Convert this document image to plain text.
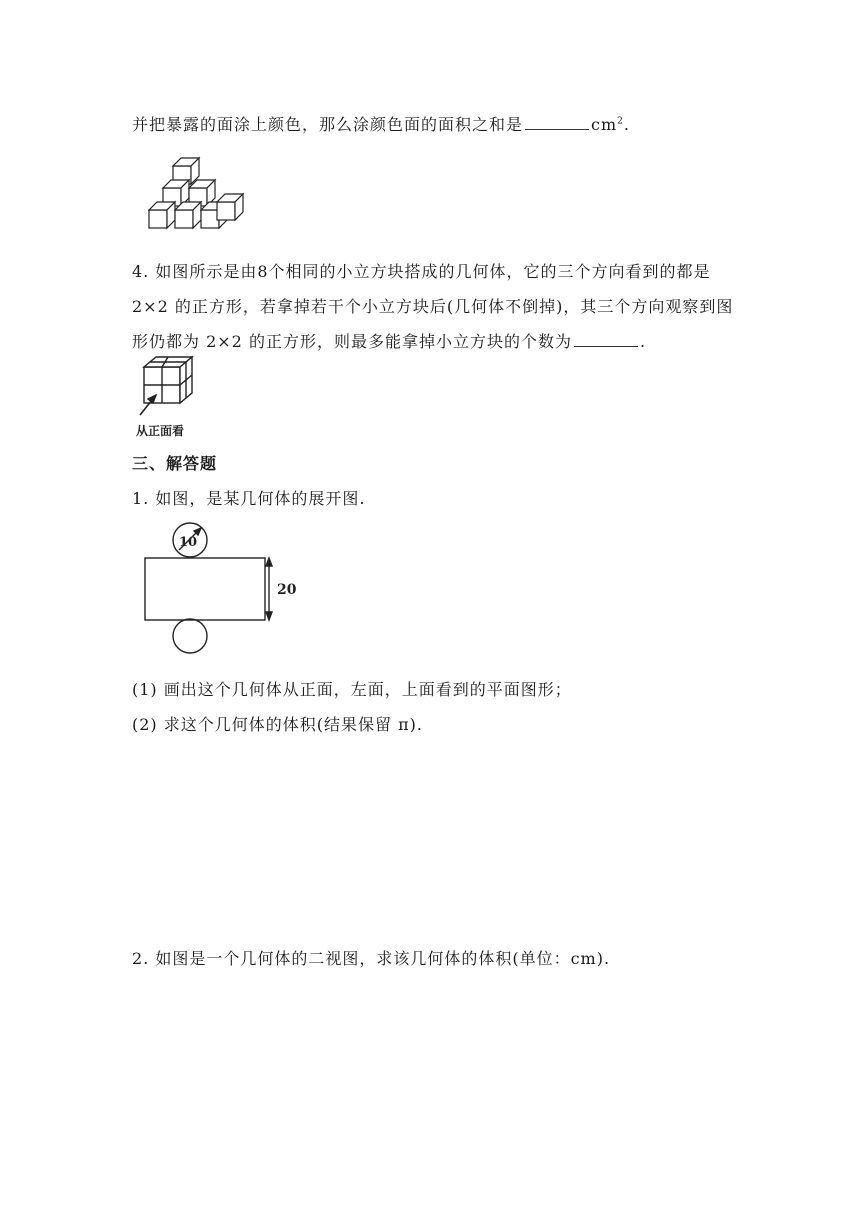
并把暴露的面涂上颜色，那么涂颜色面的面积之和是	$cm^2$.
4. 如图所示是由8个相同的小立方块搭成的几何体，它的三个方向看到的都是
2×2 的正方形，若拿掉若干个小立方块后(几何体不倒掉)，其三个方向观察到图
形仍都为 2×2 的正方形，则最多能拿掉小立方块的个数为	.
从正面看
三、解答题
1. 如图，是某几何体的展开图.
10
20
(1) 画出这个几何体从正面，左面，上面看到的平面图形；
(2) 求这个几何体的体积(结果保留 π).
2. 如图是一个几何体的二视图，求该几何体的体积(单位：cm).
